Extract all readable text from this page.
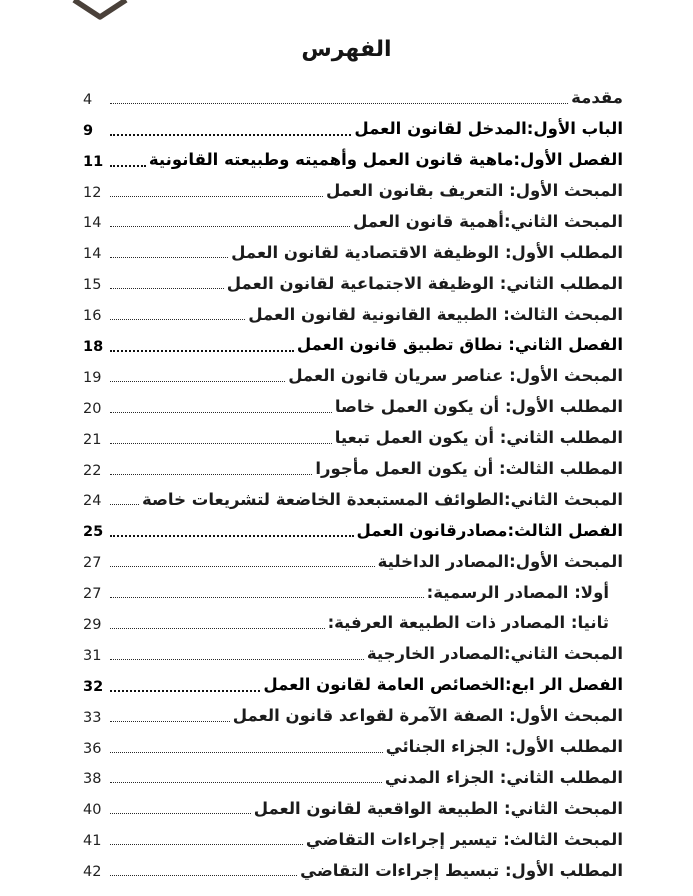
الفهرس
مقدمة
4
الباب الأول:المدخل لقانون العمل
9
الفصل الأول:ماهية قانون العمل وأهميته وطبيعته القانونية
11
المبحث الأول: التعريف بقانون العمل
12
المبحث الثاني:أهمية قانون العمل
14
المطلب الأول: الوظيفة الاقتصادية لقانون العمل
14
المطلب الثاني: الوظيفة الاجتماعية لقانون العمل
15
المبحث الثالث: الطبيعة القانونية لقانون العمل
16
الفصل الثاني: نطاق تطبيق قانون العمل
18
المبحث الأول: عناصر سريان قانون العمل
19
المطلب الأول: أن يكون العمل خاصا
20
المطلب الثاني: أن يكون العمل تبعيا
21
المطلب الثالث: أن يكون العمل مأجورا
22
المبحث الثاني:الطوائف المستبعدة الخاضعة لتشريعات خاصة
24
الفصل الثالث:مصادرقانون العمل
25
المبحث الأول:المصادر الداخلية
27
أولا: المصادر الرسمية:
27
ثانيا: المصادر ذات الطبيعة العرفية:
29
المبحث الثاني:المصادر الخارجية
31
الفصل الر ابع:الخصائص العامة لقانون العمل
32
المبحث الأول: الصفة الآمرة لقواعد قانون العمل
33
المطلب الأول: الجزاء الجنائي
36
المطلب الثاني: الجزاء المدني
38
المبحث الثاني: الطبيعة الواقعية لقانون العمل
40
المبحث الثالث: تيسير إجراءات التقاضي
41
المطلب الأول: تبسيط إجراءات التقاضي
42
